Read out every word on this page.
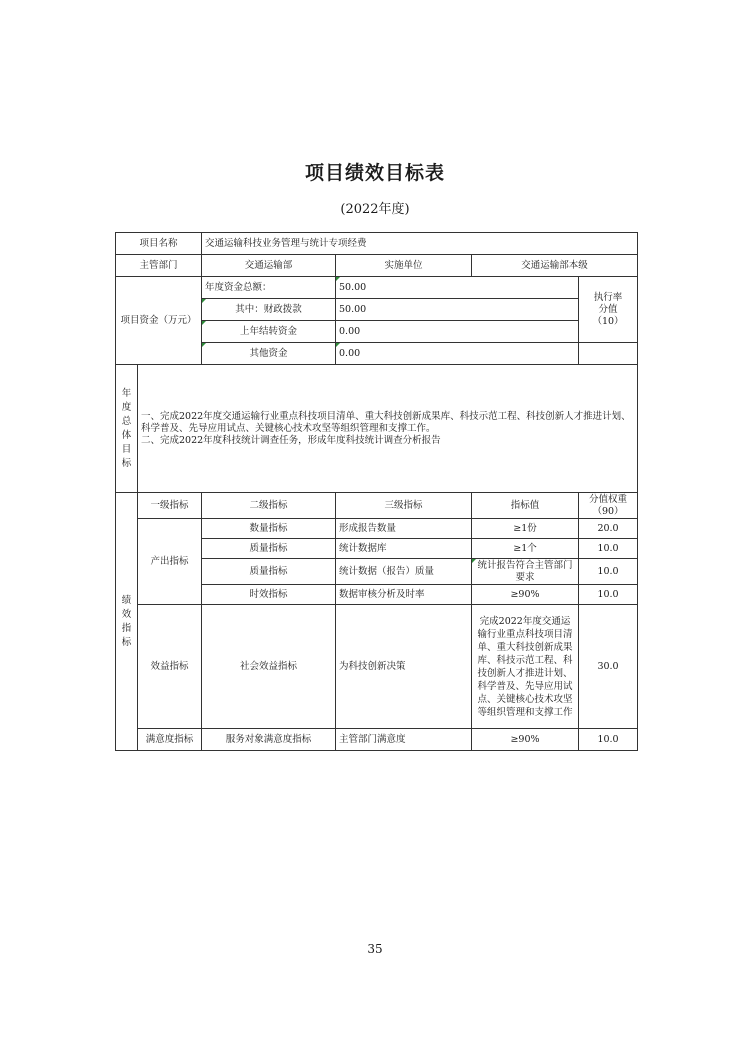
项目绩效目标表
(2022年度)
项目名称		交通运输科技业务管理与统计专项经费			
主管部门		交通运输部	实施单位	交通运输部本级	
项目资金（万元）		年度资金总额：	50.00		执行率
分值
（10）

		其中：财政拨款	50.00		
		上年结转资金	0.00		
		其他资金	0.00		

年度总体目标	一、完成2022年度交通运输行业重点科技项目清单、重大科技创新成果库、科技示范工程、科技创新人才推进计划、科学普及、先导应用试点、关键核心技术攻坚等组织管理和支撑工作。
二、完成2022年度科技统计调查任务，形成年度科技统计调查分析报告				

绩效指标	一级指标	二级指标	三级指标	指标值	分值权重（90）
	产出指标	数量指标	形成报告数量	≥1份	20.0
		质量指标	统计数据库	≥1个	10.0
		质量指标	统计数据（报告）质量	统计报告符合主管部门要求	10.0
		时效指标	数据审核分析及时率	≥90%	10.0
	效益指标	社会效益指标	为科技创新决策	完成2022年度交通运输行业重点科技项目清单、重大科技创新成果库、科技示范工程、科技创新人才推进计划、科学普及、先导应用试点、关键核心技术攻坚等组织管理和支撑工作	30.0
	满意度指标	服务对象满意度指标	主管部门满意度	≥90%	10.0
35
